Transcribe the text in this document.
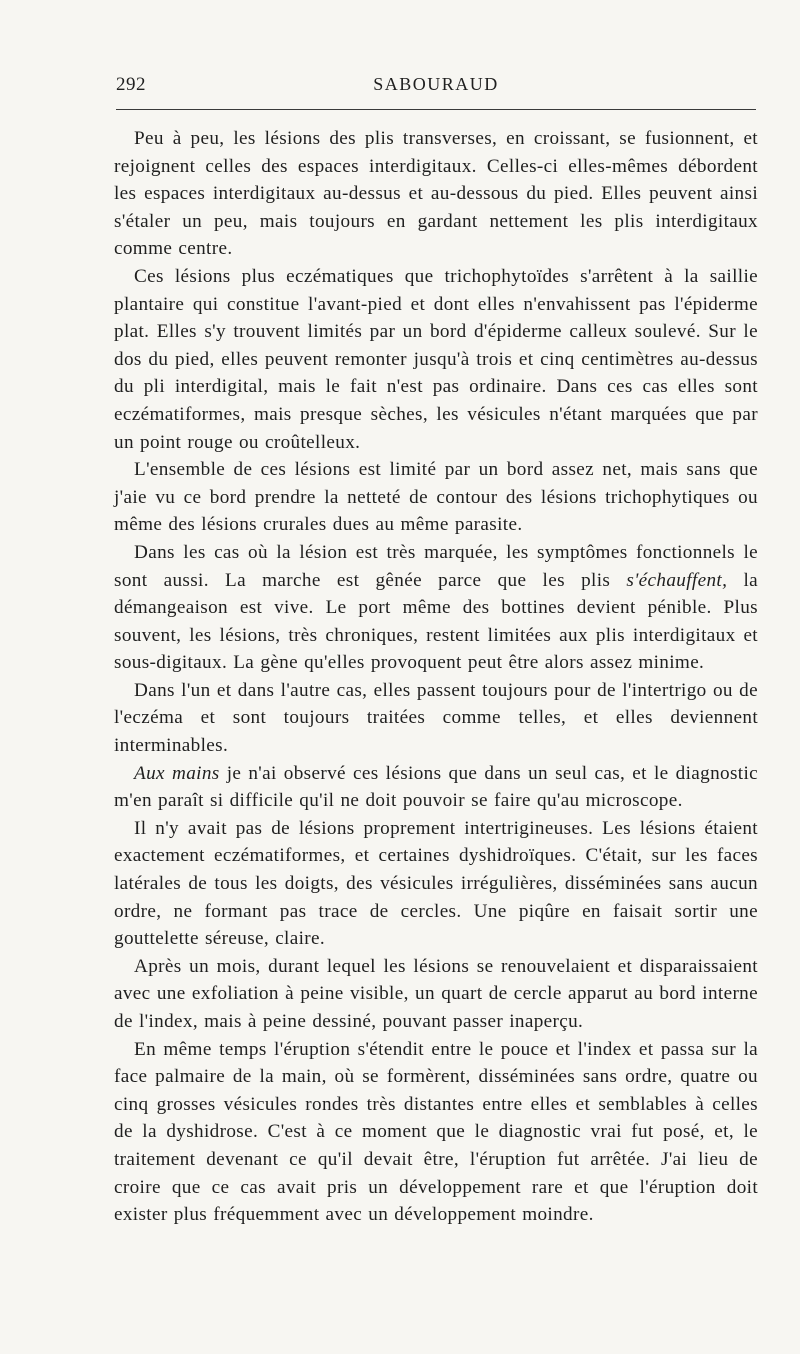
292	SABOURAUD

Peu à peu, les lésions des plis transverses, en croissant, se fusionnent, et rejoignent celles des espaces interdigitaux. Celles-ci elles-mêmes débordent les espaces interdigitaux au-dessus et au-dessous du pied. Elles peuvent ainsi s'étaler un peu, mais toujours en gardant nettement les plis interdigitaux comme centre.

Ces lésions plus eczématiques que trichophytoïdes s'arrêtent à la saillie plantaire qui constitue l'avant-pied et dont elles n'envahissent pas l'épiderme plat. Elles s'y trouvent limités par un bord d'épiderme calleux soulevé. Sur le dos du pied, elles peuvent remonter jusqu'à trois et cinq centimètres au-dessus du pli interdigital, mais le fait n'est pas ordinaire. Dans ces cas elles sont eczématiformes, mais presque sèches, les vésicules n'étant marquées que par un point rouge ou croûtelleux.

L'ensemble de ces lésions est limité par un bord assez net, mais sans que j'aie vu ce bord prendre la netteté de contour des lésions trichophytiques ou même des lésions crurales dues au même parasite.

Dans les cas où la lésion est très marquée, les symptômes fonctionnels le sont aussi. La marche est gênée parce que les plis s'échauffent, la démangeaison est vive. Le port même des bottines devient pénible. Plus souvent, les lésions, très chroniques, restent limitées aux plis interdigitaux et sous-digitaux. La gène qu'elles provoquent peut être alors assez minime.

Dans l'un et dans l'autre cas, elles passent toujours pour de l'intertrigo ou de l'eczéma et sont toujours traitées comme telles, et elles deviennent interminables.

Aux mains je n'ai observé ces lésions que dans un seul cas, et le diagnostic m'en paraît si difficile qu'il ne doit pouvoir se faire qu'au microscope.

Il n'y avait pas de lésions proprement intertrigineuses. Les lésions étaient exactement eczématiformes, et certaines dyshidroïques. C'était, sur les faces latérales de tous les doigts, des vésicules irrégulières, disséminées sans aucun ordre, ne formant pas trace de cercles. Une piqûre en faisait sortir une gouttelette séreuse, claire.

Après un mois, durant lequel les lésions se renouvelaient et disparaissaient avec une exfoliation à peine visible, un quart de cercle apparut au bord interne de l'index, mais à peine dessiné, pouvant passer inaperçu.

En même temps l'éruption s'étendit entre le pouce et l'index et passa sur la face palmaire de la main, où se formèrent, disséminées sans ordre, quatre ou cinq grosses vésicules rondes très distantes entre elles et semblables à celles de la dyshidrose. C'est à ce moment que le diagnostic vrai fut posé, et, le traitement devenant ce qu'il devait être, l'éruption fut arrêtée. J'ai lieu de croire que ce cas avait pris un développement rare et que l'éruption doit exister plus fréquemment avec un développement moindre.
